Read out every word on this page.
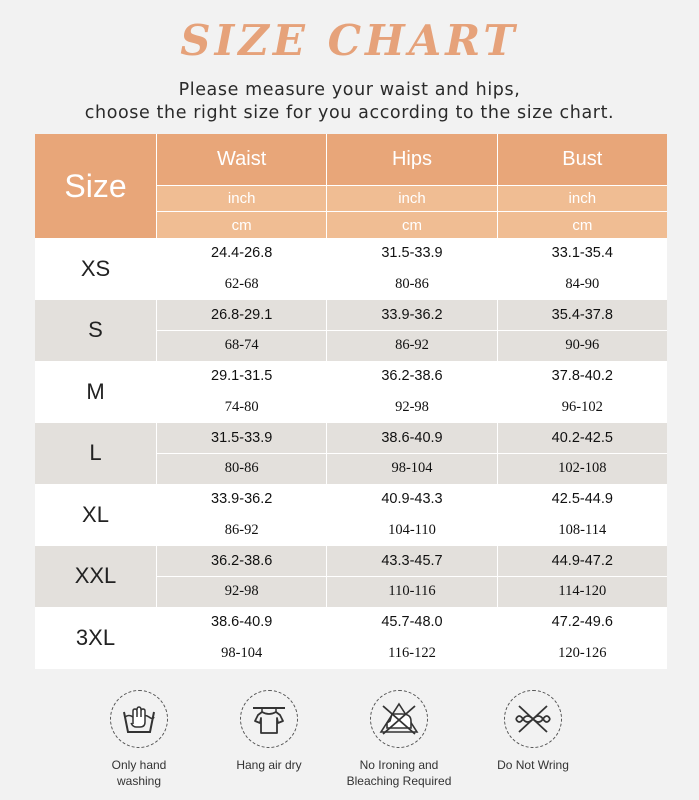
SIZE CHART
Please measure your waist and hips,
choose the right size for you according to the size chart.
Size
Waist
inch
cm
Hips
inch
cm
Bust
inch
cm
XS
24.4-26.8
62-68
31.5-33.9
80-86
33.1-35.4
84-90
S
26.8-29.1
68-74
33.9-36.2
86-92
35.4-37.8
90-96
M
29.1-31.5
74-80
36.2-38.6
92-98
37.8-40.2
96-102
L
31.5-33.9
80-86
38.6-40.9
98-104
40.2-42.5
102-108
XL
33.9-36.2
86-92
40.9-43.3
104-110
42.5-44.9
108-114
XXL
36.2-38.6
92-98
43.3-45.7
110-116
44.9-47.2
114-120
3XL
38.6-40.9
98-104
45.7-48.0
116-122
47.2-49.6
120-126
Only hand
washing
Hang air dry	No Ironing and
Bleaching Required
Do Not Wring
